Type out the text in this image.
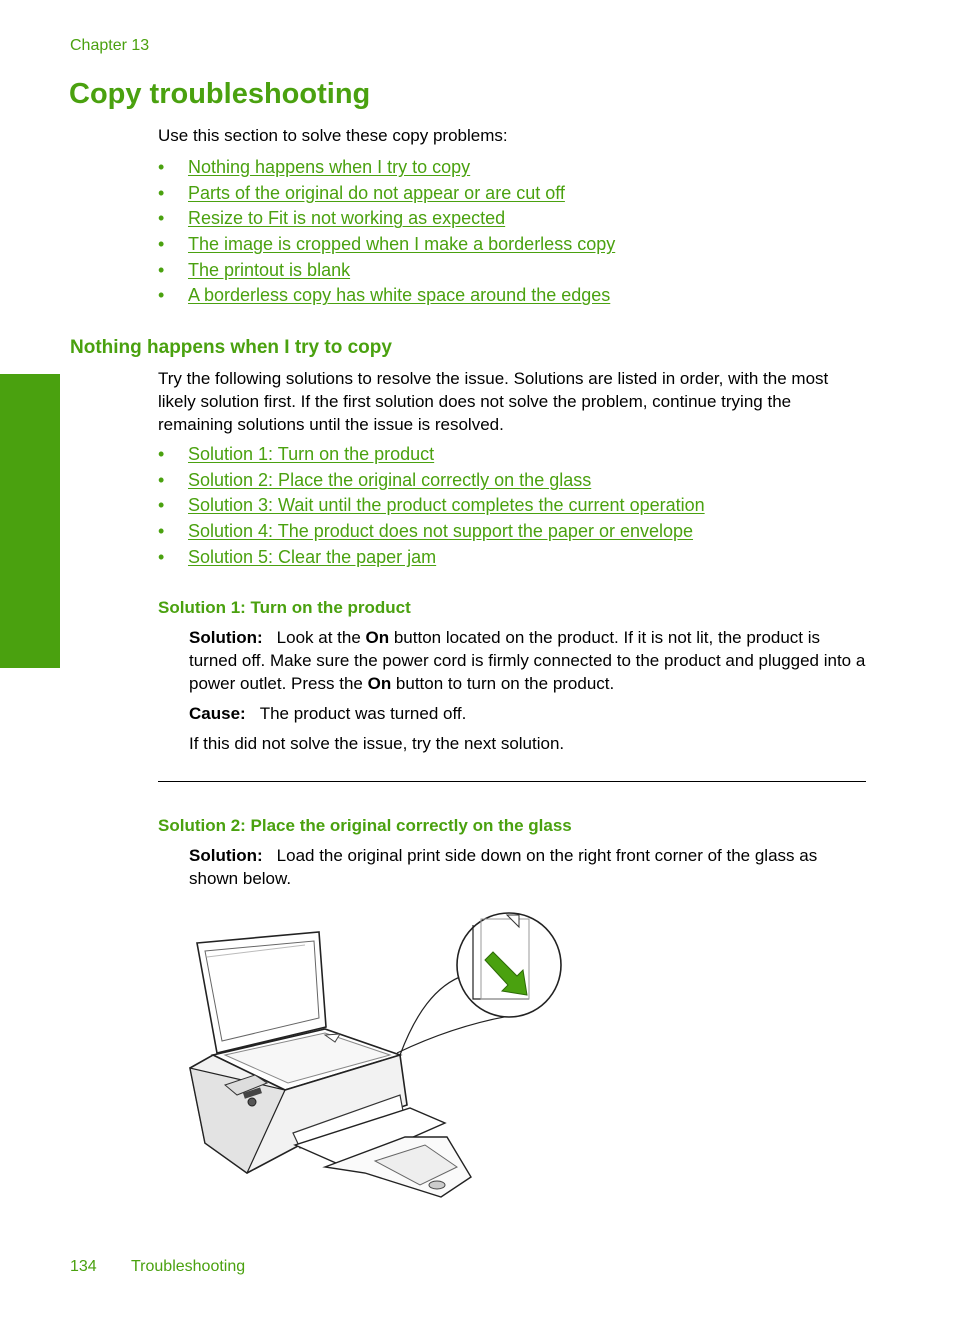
Chapter 13
Copy troubleshooting
Use this section to solve these copy problems:
• Nothing happens when I try to copy
• Parts of the original do not appear or are cut off
• Resize to Fit is not working as expected
• The image is cropped when I make a borderless copy
• The printout is blank
• A borderless copy has white space around the edges
Nothing happens when I try to copy

Try the following solutions to resolve the issue. Solutions are listed in order, with the most likely solution first. If the first solution does not solve the problem, continue trying the remaining solutions until the issue is resolved.

• Solution 1: Turn on the product
• Solution 2: Place the original correctly on the glass
• Solution 3: Wait until the product completes the current operation
• Solution 4: The product does not support the paper or envelope
• Solution 5: Clear the paper jam
Solution 1: Turn on the product

Solution: Look at the On button located on the product. If it is not lit, the product is turned off. Make sure the power cord is firmly connected to the product and plugged into a power outlet. Press the On button to turn on the product.

Cause: The product was turned off.

If this did not solve the issue, try the next solution.

Solution 2: Place the original correctly on the glass

Solution: Load the original print side down on the right front corner of the glass as shown below.

134 Troubleshooting
